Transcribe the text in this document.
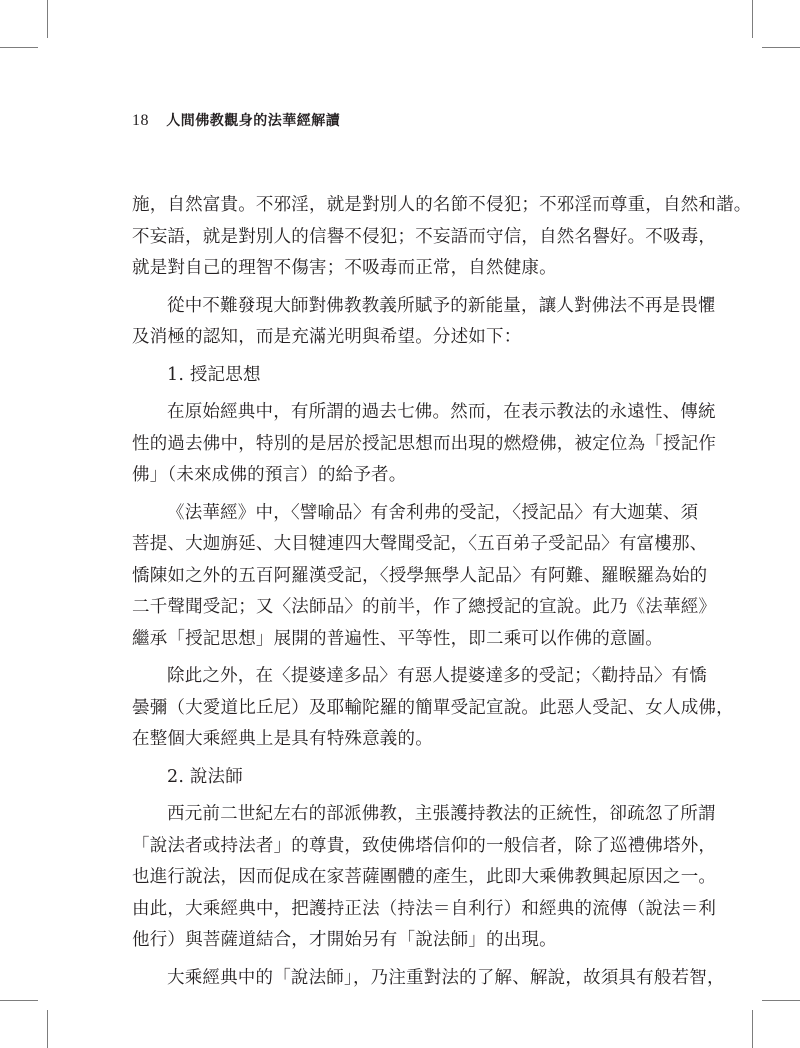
18 人間佛教觀身的法華經解讀
施，自然富貴。不邪淫，就是對別人的名節不侵犯；不邪淫而尊重，自然和諧。
不妄語，就是對別人的信譽不侵犯；不妄語而守信，自然名譽好。不吸毒，
就是對自己的理智不傷害；不吸毒而正常，自然健康。
從中不難發現大師對佛教教義所賦予的新能量，讓人對佛法不再是畏懼
及消極的認知，而是充滿光明與希望。分述如下：
1. 授記思想
在原始經典中，有所謂的過去七佛。然而，在表示教法的永遠性、傳統
性的過去佛中，特別的是居於授記思想而出現的燃燈佛，被定位為「授記作
佛」（未來成佛的預言）的給予者。
《法華經》中，〈譬喻品〉有舍利弗的受記，〈授記品〉有大迦葉、須
菩提、大迦旃延、大目犍連四大聲聞受記，〈五百弟子受記品〉有富樓那、
憍陳如之外的五百阿羅漢受記，〈授學無學人記品〉有阿難、羅睺羅為始的
二千聲聞受記；又〈法師品〉的前半，作了總授記的宣說。此乃《法華經》
繼承「授記思想」展開的普遍性、平等性，即二乘可以作佛的意圖。
除此之外，在〈提婆達多品〉有惡人提婆達多的受記；〈勸持品〉有憍
曇彌（大愛道比丘尼）及耶輸陀羅的簡單受記宣說。此惡人受記、女人成佛，
在整個大乘經典上是具有特殊意義的。
2. 說法師
西元前二世紀左右的部派佛教，主張護持教法的正統性，卻疏忽了所謂
「說法者或持法者」的尊貴，致使佛塔信仰的一般信者，除了巡禮佛塔外，
也進行說法，因而促成在家菩薩團體的產生，此即大乘佛教興起原因之一。
由此，大乘經典中，把護持正法（持法＝自利行）和經典的流傳（說法＝利
他行）與菩薩道結合，才開始另有「說法師」的出現。
大乘經典中的「說法師」，乃注重對法的了解、解說，故須具有般若智，
